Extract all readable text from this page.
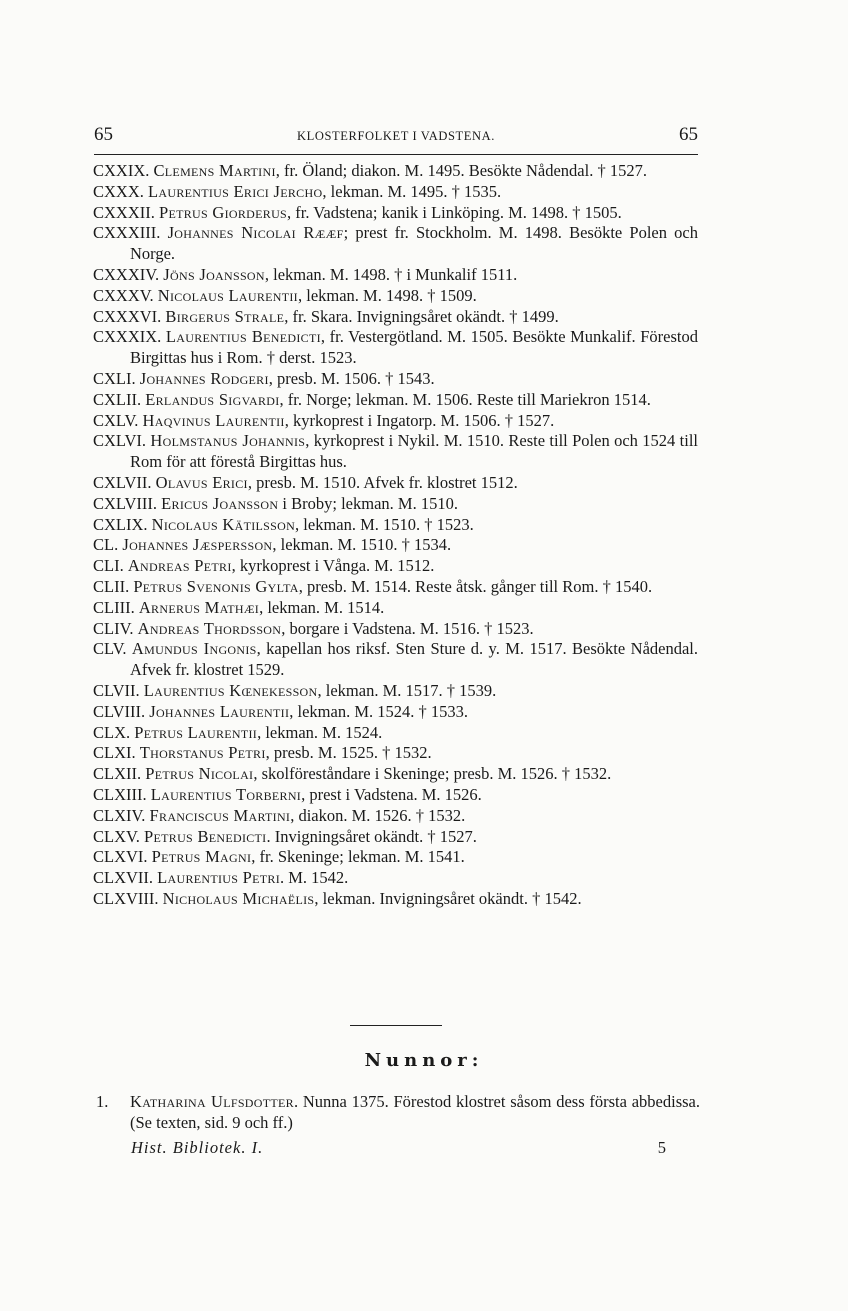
65	KLOSTERFOLKET I VADSTENA.	65

CXXIX. Clemens Martini, fr. Öland; diakon. M. 1495. Besökte Nådendal. † 1527.

CXXX. Laurentius Erici Jercho, lekman. M. 1495. † 1535.

CXXXII. Petrus Giorderus, fr. Vadstena; kanik i Linköping. M. 1498. † 1505.

CXXXIII. Johannes Nicolai Rææf; prest fr. Stockholm. M. 1498. Besökte Polen och Norge.

CXXXIV. Jöns Joansson, lekman. M. 1498. † i Munkalif 1511.

CXXXV. Nicolaus Laurentii, lekman. M. 1498. † 1509.

CXXXVI. Birgerus Strale, fr. Skara. Invigningsåret okändt. † 1499.

CXXXIX. Laurentius Benedicti, fr. Vestergötland. M. 1505. Besökte Munkalif. Förestod Birgittas hus i Rom. † derst. 1523.

CXLI. Johannes Rodgeri, presb. M. 1506. † 1543.

CXLII. Erlandus Sigvardi, fr. Norge; lekman. M. 1506. Reste till Mariekron 1514.

CXLV. Haqvinus Laurentii, kyrkoprest i Ingatorp. M. 1506. † 1527.

CXLVI. Holmstanus Johannis, kyrkoprest i Nykil. M. 1510. Reste till Polen och 1524 till Rom för att förestå Birgittas hus.

CXLVII. Olavus Erici, presb. M. 1510. Afvek fr. klostret 1512.

CXLVIII. Ericus Joansson i Broby; lekman. M. 1510.

CXLIX. Nicolaus Kätilsson, lekman. M. 1510. † 1523.

CL. Johannes Jæspersson, lekman. M. 1510. † 1534.

CLI. Andreas Petri, kyrkoprest i Vånga. M. 1512.

CLII. Petrus Svenonis Gylta, presb. M. 1514. Reste åtsk. gånger till Rom. † 1540.

CLIII. Arnerus Mathæi, lekman. M. 1514.

CLIV. Andreas Thordsson, borgare i Vadstena. M. 1516. † 1523.

CLV. Amundus Ingonis, kapellan hos riksf. Sten Sture d. y. M. 1517. Besökte Nådendal. Afvek fr. klostret 1529.

CLVII. Laurentius Kœnekesson, lekman. M. 1517. † 1539.

CLVIII. Johannes Laurentii, lekman. M. 1524. † 1533.

CLX. Petrus Laurentii, lekman. M. 1524.

CLXI. Thorstanus Petri, presb. M. 1525. † 1532.

CLXII. Petrus Nicolai, skolföreståndare i Skeninge; presb. M. 1526. † 1532.

CLXIII. Laurentius Torberni, prest i Vadstena. M. 1526.

CLXIV. Franciscus Martini, diakon. M. 1526. † 1532.

CLXV. Petrus Benedicti. Invigningsåret okändt. † 1527.

CLXVI. Petrus Magni, fr. Skeninge; lekman. M. 1541.

CLXVII. Laurentius Petri. M. 1542.

CLXVIII. Nicholaus Michaëlis, lekman. Invigningsåret okändt. † 1542.

Nunnor:
1. Katharina Ulfsdotter. Nunna 1375. Förestod klostret såsom dess första abbedissa. (Se texten, sid. 9 och ff.)
Hist. Bibliotek. I.	5
